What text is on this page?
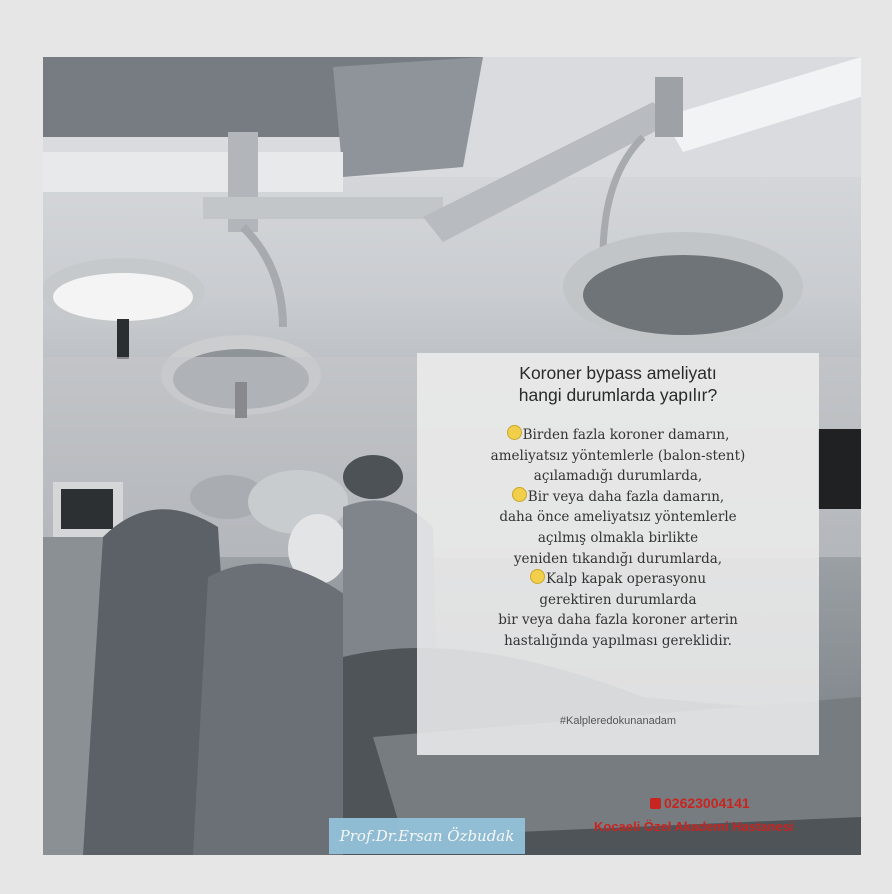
Koroner bypass ameliyatı
hangi durumlarda yapılır?
Birden fazla koroner damarın,
ameliyatsız yöntemlerle (balon-stent)
açılamadığı durumlarda,
Bir veya daha fazla damarın,
daha önce ameliyatsız yöntemlerle
açılmış olmakla birlikte
yeniden tıkandığı durumlarda,
Kalp kapak operasyonu
gerektiren durumlarda
bir veya daha fazla koroner arterin
hastalığında yapılması gereklidir.
#Kalpleredokunanadam
Prof.Dr.Ersan Özbudak
02623004141
Kocaeli Özel Akademi Hastanesi
